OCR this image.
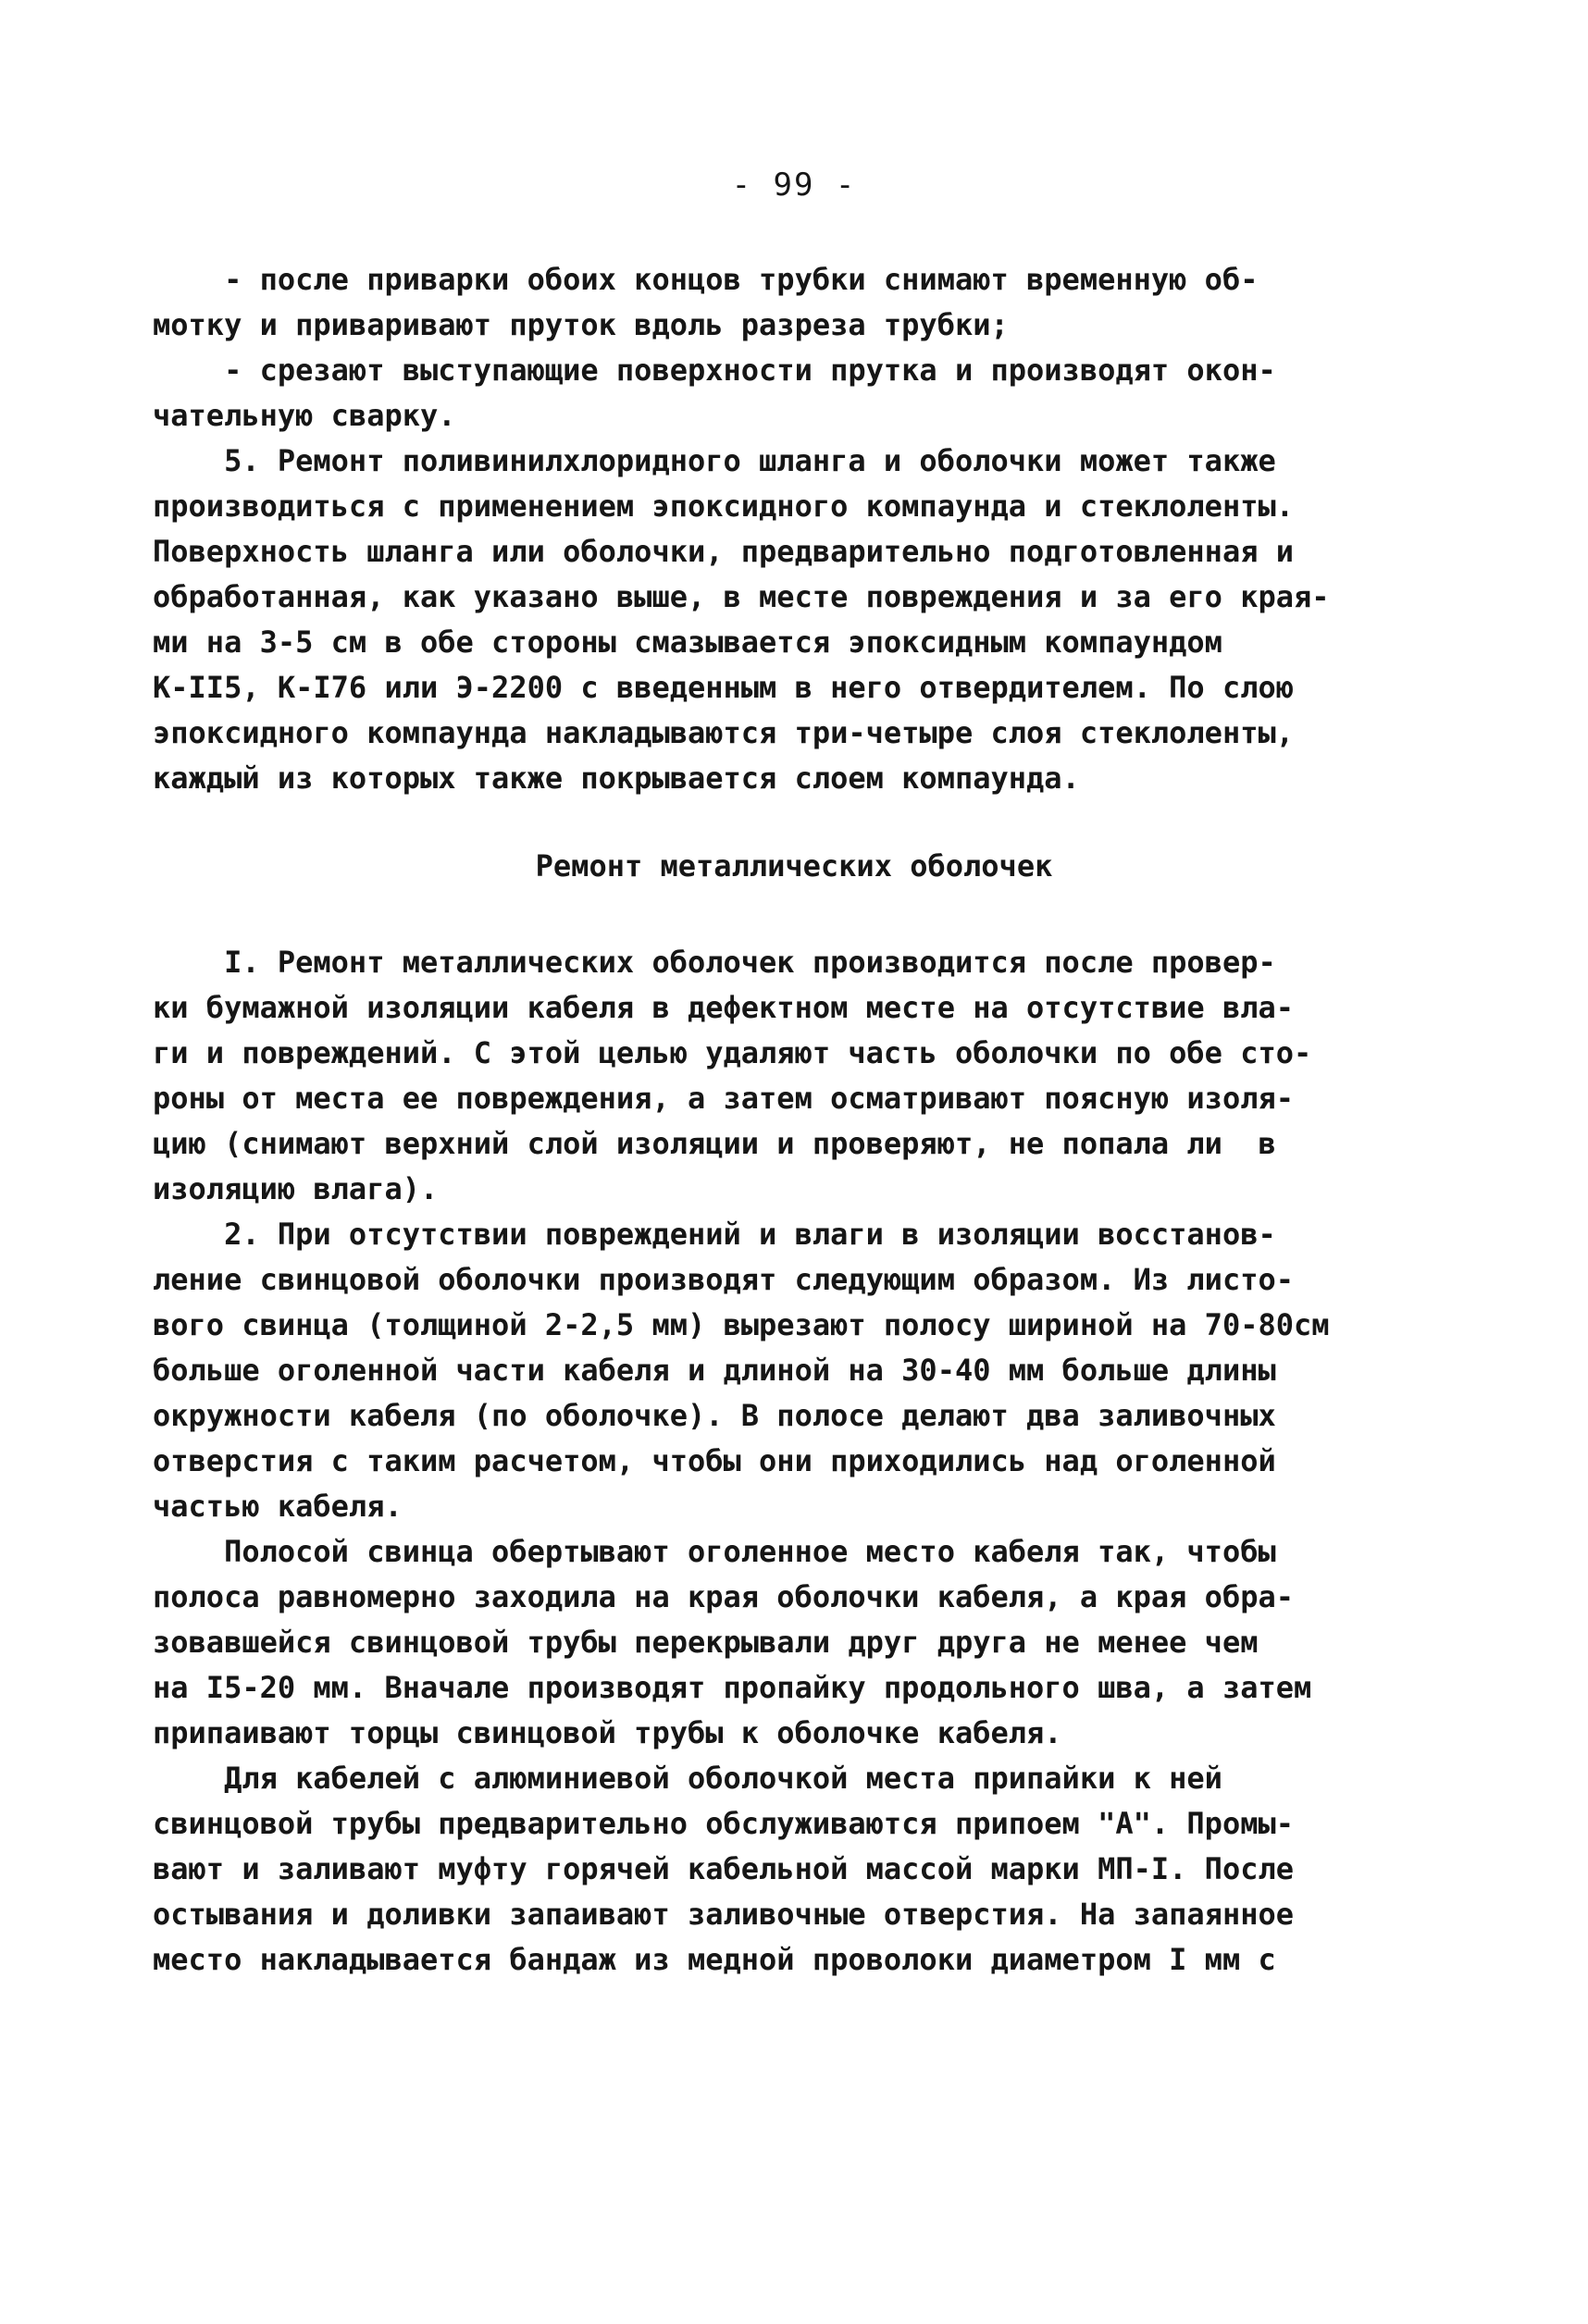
- 99 -
- после приварки обоих концов трубки снимают временную об-
мотку и приваривают пруток вдоль разреза трубки;
- срезают выступающие поверхности прутка и производят окон-
чательную сварку.
5. Ремонт поливинилхлоридного шланга и оболочки может также
производиться с применением эпоксидного компаунда и стеклоленты.
Поверхность шланга или оболочки, предварительно подготовленная и
обработанная, как указано выше, в месте повреждения и за его края-
ми на 3-5 см в обе стороны смазывается эпоксидным компаундом
К-II5, К-I76 или Э-2200 с введенным в него отвердителем. По слою
эпоксидного компаунда накладываются три-четыре слоя стеклоленты,
каждый из которых также покрывается слоем компаунда.
Ремонт металлических оболочек
I. Ремонт металлических оболочек производится после провер-
ки бумажной изоляции кабеля в дефектном месте на отсутствие вла-
ги и повреждений. С этой целью удаляют часть оболочки по обе сто-
роны от места ее повреждения, а затем осматривают поясную изоля-
цию (снимают верхний слой изоляции и проверяют, не попала ли  в
изоляцию влага).
2. При отсутствии повреждений и влаги в изоляции восстанов-
ление свинцовой оболочки производят следующим образом. Из листо-
вого свинца (толщиной 2-2,5 мм) вырезают полосу шириной на 70-80см
больше оголенной части кабеля и длиной на 30-40 мм больше длины
окружности кабеля (по оболочке). В полосе делают два заливочных
отверстия с таким расчетом, чтобы они приходились над оголенной
частью кабеля.
Полосой свинца обертывают оголенное место кабеля так, чтобы
полоса равномерно заходила на края оболочки кабеля, а края обра-
зовавшейся свинцовой трубы перекрывали друг друга не менее чем
на I5-20 мм. Вначале производят пропайку продольного шва, а затем
припаивают торцы свинцовой трубы к оболочке кабеля.
Для кабелей с алюминиевой оболочкой места припайки к ней
свинцовой трубы предварительно обслуживаются припоем "А". Промы-
вают и заливают муфту горячей кабельной массой марки МП-I. После
остывания и доливки запаивают заливочные отверстия. На запаянное
место накладывается бандаж из медной проволоки диаметром I мм с
